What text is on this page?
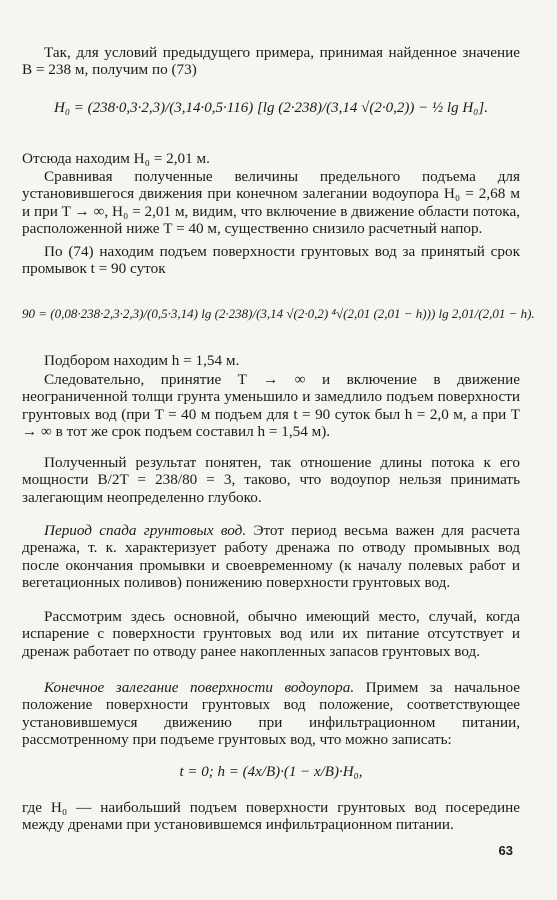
Так, для условий предыдущего примера, принимая найденное значение B = 238 м, получим по (73)
H₀ = (238·0,3·2,3)/(3,14·0,5·116) [lg (2·238)/(3,14 √(2·0,2)) − ½ lg H₀].
Отсюда находим H₀ = 2,01 м.
Сравнивая полученные величины предельного подъема для установившегося движения при конечном залегании водоупора H₀ = 2,68 м и при T → ∞, H₀ = 2,01 м, видим, что включение в движение области потока, расположенной ниже T = 40 м, существенно снизило расчетный напор.
По (74) находим подъем поверхности грунтовых вод за принятый срок промывок t = 90 суток
90 = (0,08·238·2,3·2,3)/(0,5·3,14) lg (2·238)/(3,14 √(2·0,2) ⁴√(2,01 (2,01 − h))) lg 2,01/(2,01 − h).
Подбором находим h = 1,54 м.
Следовательно, принятие T → ∞ и включение в движение неограниченной толщи грунта уменьшило и замедлило подъем поверхности грунтовых вод (при T = 40 м подъем для t = 90 суток был h = 2,0 м, а при T → ∞ в тот же срок подъем составил h = 1,54 м).
Полученный результат понятен, так отношение длины потока к его мощности B/2T = 238/80 = 3, таково, что водоупор нельзя принимать залегающим неопределенно глубоко.
Период спада грунтовых вод. Этот период весьма важен для расчета дренажа, т. к. характеризует работу дренажа по отводу промывных вод после окончания промывки и своевременному (к началу полевых работ и вегетационных поливов) понижению поверхности грунтовых вод.
Рассмотрим здесь основной, обычно имеющий место, случай, когда испарение с поверхности грунтовых вод или их питание отсутствует и дренаж работает по отводу ранее накопленных запасов грунтовых вод.
Конечное залегание поверхности водоупора. Примем за начальное положение поверхности грунтовых вод положение, соответствующее установившемуся движению при инфильтрационном питании, рассмотренному при подъеме грунтовых вод, что можно записать:
t = 0; h = (4x/B)·(1 − x/B)·H₀,
где H₀ — наибольший подъем поверхности грунтовых вод посередине между дренами при установившемся инфильтрационном питании.
63
